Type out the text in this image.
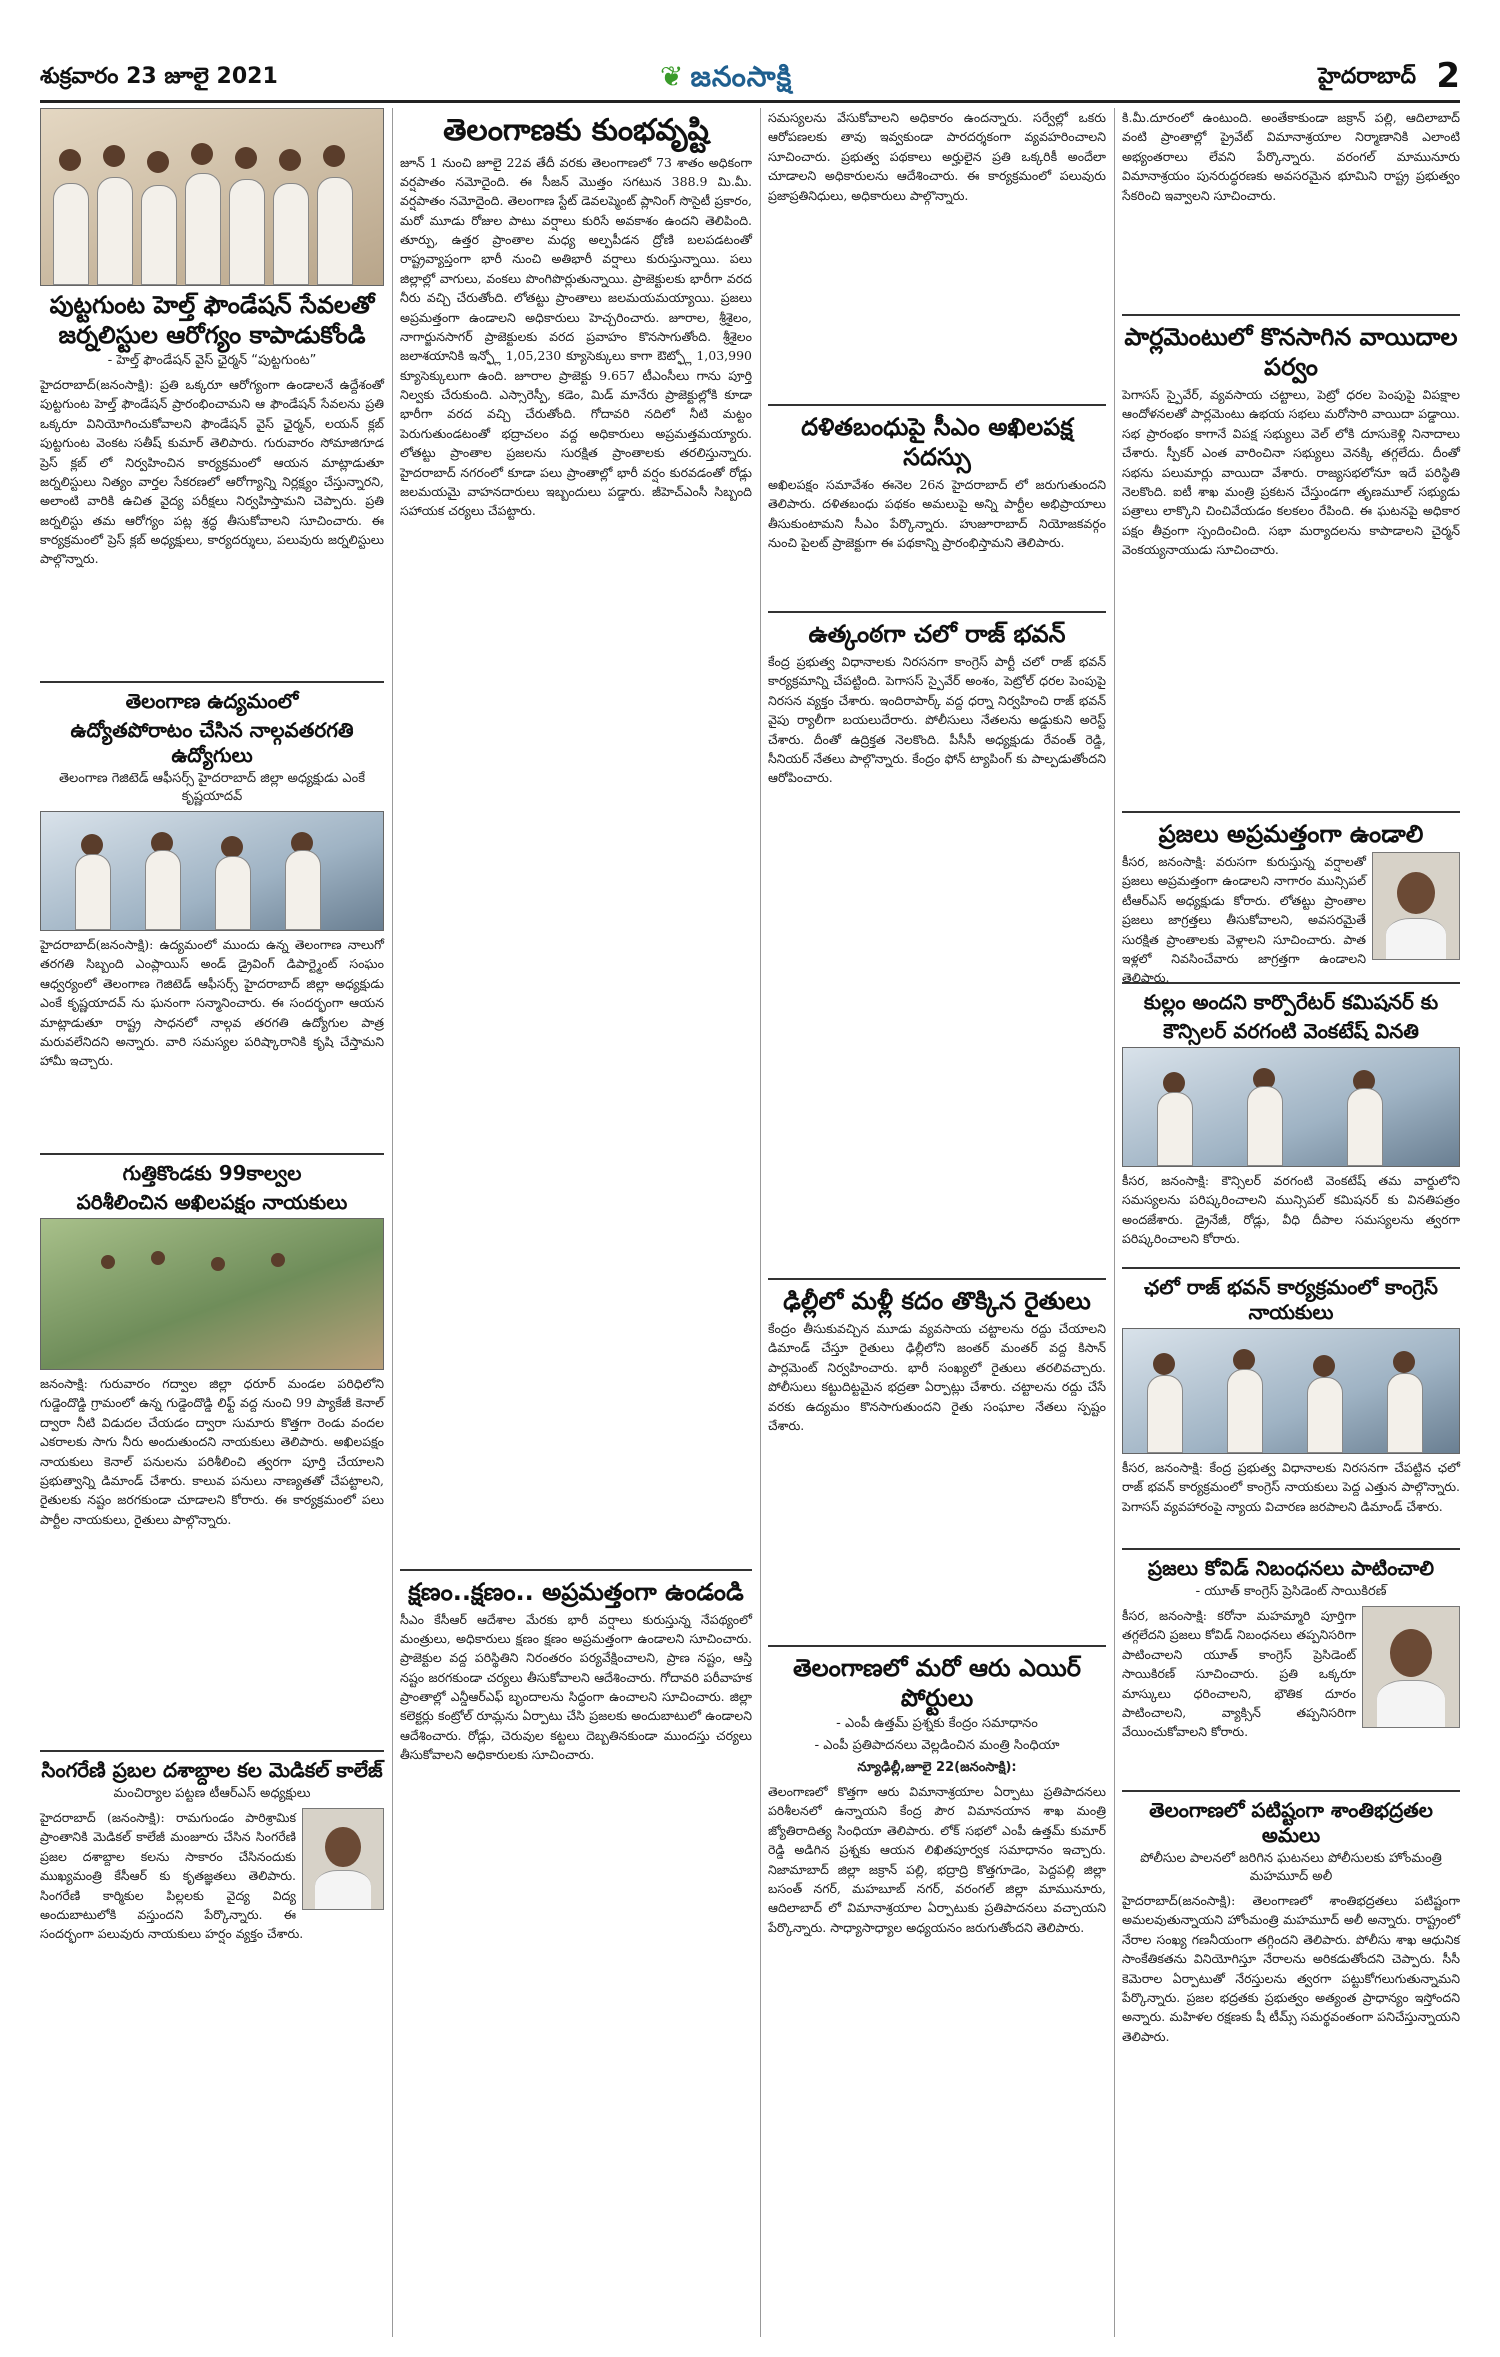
శుక్రవారం 23 జూలై 2021	❦ జనంసాక్షి	హైదరాబాద్ 2
పుట్టగుంట హెల్త్ ఫౌండేషన్ సేవలతో జర్నలిస్టుల ఆరోగ్యం కాపాడుకోండి
- హెల్త్ ఫౌండేషన్ వైస్ ఛైర్మన్ “పుట్టగుంట”

హైదరాబాద్(జనంసాక్షి): ప్రతి ఒక్కరూ ఆరోగ్యంగా ఉండాలనే ఉద్దేశంతో పుట్టగుంట హెల్త్ ఫౌండేషన్ ప్రారంభించామని ఆ ఫౌండేషన్ సేవలను ప్రతి ఒక్కరూ వినియోగించుకోవాలని ఫౌండేషన్ వైస్ ఛైర్మన్, లయన్ క్లబ్ పుట్టగుంట వెంకట సతీష్ కుమార్ తెలిపారు. గురువారం సోమాజిగూడ ప్రెస్ క్లబ్ లో నిర్వహించిన కార్యక్రమంలో ఆయన మాట్లాడుతూ జర్నలిస్టులు నిత్యం వార్తల సేకరణలో ఆరోగ్యాన్ని నిర్లక్ష్యం చేస్తున్నారని, అలాంటి వారికి ఉచిత వైద్య పరీక్షలు నిర్వహిస్తామని చెప్పారు. ప్రతి జర్నలిస్టు తమ ఆరోగ్యం పట్ల శ్రద్ధ తీసుకోవాలని సూచించారు. ఈ కార్యక్రమంలో ప్రెస్ క్లబ్ అధ్యక్షులు, కార్యదర్శులు, పలువురు జర్నలిస్టులు పాల్గొన్నారు.

తెలంగాణ ఉద్యమంలో
ఉద్యోతపోరాటం చేసిన నాల్గవతరగతి ఉద్యోగులు
తెలంగాణ గెజిటెడ్ ఆఫీసర్స్ హైదరాబాద్ జిల్లా అధ్యక్షుడు ఎంకే కృష్ణయాదవ్

హైదరాబాద్(జనంసాక్షి): ఉద్యమంలో ముందు ఉన్న తెలంగాణ నాలుగో తరగతి సిబ్బంది ఎంప్లాయిస్ అండ్ డ్రైవింగ్ డిపార్ట్మెంట్ సంఘం ఆధ్వర్యంలో తెలంగాణ గెజిటెడ్ ఆఫీసర్స్ హైదరాబాద్ జిల్లా అధ్యక్షుడు ఎంకే కృష్ణయాదవ్ ను ఘనంగా సన్మానించారు. ఈ సందర్భంగా ఆయన మాట్లాడుతూ రాష్ట్ర సాధనలో నాల్గవ తరగతి ఉద్యోగుల పాత్ర మరువలేనిదని అన్నారు. వారి సమస్యల పరిష్కారానికి కృషి చేస్తామని హామీ ఇచ్చారు.

గుత్తికొండకు 99కాల్వల
పరిశీలించిన అఖిలపక్షం నాయకులు

జనంసాక్షి: గురువారం గద్వాల జిల్లా ధరూర్ మండల పరిధిలోని గుడ్డెందొడ్డి గ్రామంలో ఉన్న గుడ్డెందొడ్డి లిఫ్ట్ వద్ద నుంచి 99 ప్యాకేజీ కెనాల్ ద్వారా నీటి విడుదల చేయడం ద్వారా సుమారు కొత్తగా రెండు వందల ఎకరాలకు సాగు నీరు అందుతుందని నాయకులు తెలిపారు. అఖిలపక్షం నాయకులు కెనాల్ పనులను పరిశీలించి త్వరగా పూర్తి చేయాలని ప్రభుత్వాన్ని డిమాండ్ చేశారు. కాలువ పనులు నాణ్యతతో చేపట్టాలని, రైతులకు నష్టం జరగకుండా చూడాలని కోరారు. ఈ కార్యక్రమంలో పలు పార్టీల నాయకులు, రైతులు పాల్గొన్నారు.

సింగరేణి ప్రబల దశాబ్దాల కల మెడికల్ కాలేజ్
మంచిర్యాల పట్టణ టీఆర్ఎస్ అధ్యక్షులు

హైదరాబాద్ (జనంసాక్షి): రామగుండం పారిశ్రామిక ప్రాంతానికి మెడికల్ కాలేజీ మంజూరు చేసిన సింగరేణి ప్రజల దశాబ్దాల కలను సాకారం చేసినందుకు ముఖ్యమంత్రి కేసీఆర్ కు కృతజ్ఞతలు తెలిపారు. సింగరేణి కార్మికుల పిల్లలకు వైద్య విద్య అందుబాటులోకి వస్తుందని పేర్కొన్నారు. ఈ సందర్భంగా పలువురు నాయకులు హర్షం వ్యక్తం చేశారు.

తెలంగాణకు కుంభవృష్టి

జూన్ 1 నుంచి జూలై 22వ తేదీ వరకు తెలంగాణలో 73 శాతం అధికంగా వర్షపాతం నమోదైంది. ఈ సీజన్ మొత్తం సగటున 388.9 మి.మీ. వర్షపాతం నమోదైంది. తెలంగాణ స్టేట్ డెవలప్మెంట్ ప్లానింగ్ సొసైటీ ప్రకారం, మరో మూడు రోజుల పాటు వర్షాలు కురిసే అవకాశం ఉందని తెలిపింది. తూర్పు, ఉత్తర ప్రాంతాల మధ్య అల్పపీడన ద్రోణి బలపడటంతో రాష్ట్రవ్యాప్తంగా భారీ నుంచి అతిభారీ వర్షాలు కురుస్తున్నాయి. పలు జిల్లాల్లో వాగులు, వంకలు పొంగిపొర్లుతున్నాయి. ప్రాజెక్టులకు భారీగా వరద నీరు వచ్చి చేరుతోంది. లోతట్టు ప్రాంతాలు జలమయమయ్యాయి. ప్రజలు అప్రమత్తంగా ఉండాలని అధికారులు హెచ్చరించారు. జూరాల, శ్రీశైలం, నాగార్జునసాగర్ ప్రాజెక్టులకు వరద ప్రవాహం కొనసాగుతోంది. శ్రీశైలం జలాశయానికి ఇన్ఫ్లో 1,05,230 క్యూసెక్కులు కాగా ఔట్ఫ్లో 1,03,990 క్యూసెక్కులుగా ఉంది. జూరాల ప్రాజెక్టు 9.657 టీఎంసీలు గాను పూర్తి నిల్వకు చేరుకుంది. ఎస్సారెస్పీ, కడెం, మిడ్ మానేరు ప్రాజెక్టుల్లోకి కూడా భారీగా వరద వచ్చి చేరుతోంది. గోదావరి నదిలో నీటి మట్టం పెరుగుతుండటంతో భద్రాచలం వద్ద అధికారులు అప్రమత్తమయ్యారు. లోతట్టు ప్రాంతాల ప్రజలను సురక్షిత ప్రాంతాలకు తరలిస్తున్నారు. హైదరాబాద్ నగరంలో కూడా పలు ప్రాంతాల్లో భారీ వర్షం కురవడంతో రోడ్లు జలమయమై వాహనదారులు ఇబ్బందులు పడ్డారు. జీహెచ్ఎంసీ సిబ్బంది సహాయక చర్యలు చేపట్టారు.

క్షణం..క్షణం.. అప్రమత్తంగా ఉండండి

సీఎం కేసీఆర్ ఆదేశాల మేరకు భారీ వర్షాలు కురుస్తున్న నేపథ్యంలో మంత్రులు, అధికారులు క్షణం క్షణం అప్రమత్తంగా ఉండాలని సూచించారు. ప్రాజెక్టుల వద్ద పరిస్థితిని నిరంతరం పర్యవేక్షించాలని, ప్రాణ నష్టం, ఆస్తి నష్టం జరగకుండా చర్యలు తీసుకోవాలని ఆదేశించారు. గోదావరి పరీవాహక ప్రాంతాల్లో ఎన్డీఆర్ఎఫ్ బృందాలను సిద్ధంగా ఉంచాలని సూచించారు. జిల్లా కలెక్టర్లు కంట్రోల్ రూమ్లను ఏర్పాటు చేసి ప్రజలకు అందుబాటులో ఉండాలని ఆదేశించారు. రోడ్లు, చెరువుల కట్టలు దెబ్బతినకుండా ముందస్తు చర్యలు తీసుకోవాలని అధికారులకు సూచించారు.

సమస్యలను వేసుకోవాలని అధికారం ఉందన్నారు. సర్వేల్లో ఒకరు ఆరోపణలకు తావు ఇవ్వకుండా పారదర్శకంగా వ్యవహరించాలని సూచించారు. ప్రభుత్వ పథకాలు అర్హులైన ప్రతి ఒక్కరికీ అందేలా చూడాలని అధికారులను ఆదేశించారు. ఈ కార్యక్రమంలో పలువురు ప్రజాప్రతినిధులు, అధికారులు పాల్గొన్నారు.

దళితబంధుపై సీఎం అఖిలపక్ష సదస్సు

అఖిలపక్షం సమావేశం ఈనెల 26న హైదరాబాద్ లో జరుగుతుందని తెలిపారు. దళితబంధు పథకం అమలుపై అన్ని పార్టీల అభిప్రాయాలు తీసుకుంటామని సీఎం పేర్కొన్నారు. హుజూరాబాద్ నియోజకవర్గం నుంచి పైలట్ ప్రాజెక్టుగా ఈ పథకాన్ని ప్రారంభిస్తామని తెలిపారు.

ఉత్కంఠగా చలో రాజ్ భవన్

కేంద్ర ప్రభుత్వ విధానాలకు నిరసనగా కాంగ్రెస్ పార్టీ చలో రాజ్ భవన్ కార్యక్రమాన్ని చేపట్టింది. పెగాసస్ స్పైవేర్ అంశం, పెట్రోల్ ధరల పెంపుపై నిరసన వ్యక్తం చేశారు. ఇందిరాపార్క్ వద్ద ధర్నా నిర్వహించి రాజ్ భవన్ వైపు ర్యాలీగా బయలుదేరారు. పోలీసులు నేతలను అడ్డుకుని అరెస్ట్ చేశారు. దీంతో ఉద్రిక్తత నెలకొంది. పీసీసీ అధ్యక్షుడు రేవంత్ రెడ్డి, సీనియర్ నేతలు పాల్గొన్నారు. కేంద్రం ఫోన్ ట్యాపింగ్ కు పాల్పడుతోందని ఆరోపించారు.

ఢిల్లీలో మళ్లీ కదం తొక్కిన రైతులు

కేంద్రం తీసుకువచ్చిన మూడు వ్యవసాయ చట్టాలను రద్దు చేయాలని డిమాండ్ చేస్తూ రైతులు ఢిల్లీలోని జంతర్ మంతర్ వద్ద కిసాన్ పార్లమెంట్ నిర్వహించారు. భారీ సంఖ్యలో రైతులు తరలివచ్చారు. పోలీసులు కట్టుదిట్టమైన భద్రతా ఏర్పాట్లు చేశారు. చట్టాలను రద్దు చేసే వరకు ఉద్యమం కొనసాగుతుందని రైతు సంఘాల నేతలు స్పష్టం చేశారు.

తెలంగాణలో మరో ఆరు ఎయిర్ పోర్టులు
- ఎంపీ ఉత్తమ్ ప్రశ్నకు కేంద్రం సమాధానం
- ఎంపీ ప్రతిపాదనలు వెల్లడించిన మంత్రి సింధియా
న్యూఢిల్లీ,జూలై 22(జనంసాక్షి):

తెలంగాణలో కొత్తగా ఆరు విమానాశ్రయాల ఏర్పాటు ప్రతిపాదనలు పరిశీలనలో ఉన్నాయని కేంద్ర పౌర విమానయాన శాఖ మంత్రి జ్యోతిరాదిత్య సింధియా తెలిపారు. లోక్ సభలో ఎంపీ ఉత్తమ్ కుమార్ రెడ్డి అడిగిన ప్రశ్నకు ఆయన లిఖితపూర్వక సమాధానం ఇచ్చారు. నిజామాబాద్ జిల్లా జక్రాన్ పల్లి, భద్రాద్రి కొత్తగూడెం, పెద్దపల్లి జిల్లా బసంత్ నగర్, మహబూబ్ నగర్, వరంగల్ జిల్లా మామునూరు, ఆదిలాబాద్ లో విమానాశ్రయాల ఏర్పాటుకు ప్రతిపాదనలు వచ్చాయని పేర్కొన్నారు. సాధ్యాసాధ్యాల అధ్యయనం జరుగుతోందని తెలిపారు.

కి.మీ.దూరంలో ఉంటుంది. అంతేకాకుండా జక్రాన్ పల్లి, ఆదిలాబాద్ వంటి ప్రాంతాల్లో ప్రైవేట్ విమానాశ్రయాల నిర్మాణానికి ఎలాంటి అభ్యంతరాలు లేవని పేర్కొన్నారు. వరంగల్ మామునూరు విమానాశ్రయం పునరుద్ధరణకు అవసరమైన భూమిని రాష్ట్ర ప్రభుత్వం సేకరించి ఇవ్వాలని సూచించారు.

పార్లమెంటులో కొనసాగిన వాయిదాల పర్వం

పెగాసస్ స్పైవేర్, వ్యవసాయ చట్టాలు, పెట్రో ధరల పెంపుపై విపక్షాల ఆందోళనలతో పార్లమెంటు ఉభయ సభలు మరోసారి వాయిదా పడ్డాయి. సభ ప్రారంభం కాగానే విపక్ష సభ్యులు వెల్ లోకి దూసుకెళ్లి నినాదాలు చేశారు. స్పీకర్ ఎంత వారించినా సభ్యులు వెనక్కి తగ్గలేదు. దీంతో సభను పలుమార్లు వాయిదా వేశారు. రాజ్యసభలోనూ ఇదే పరిస్థితి నెలకొంది. ఐటీ శాఖ మంత్రి ప్రకటన చేస్తుండగా తృణమూల్ సభ్యుడు పత్రాలు లాక్కొని చించివేయడం కలకలం రేపింది. ఈ ఘటనపై అధికార పక్షం తీవ్రంగా స్పందించింది. సభా మర్యాదలను కాపాడాలని చైర్మన్ వెంకయ్యనాయుడు సూచించారు.

ప్రజలు అప్రమత్తంగా ఉండాలి

కీసర, జనంసాక్షి: వరుసగా కురుస్తున్న వర్షాలతో ప్రజలు అప్రమత్తంగా ఉండాలని నాగారం మున్సిపల్ టీఆర్ఎస్ అధ్యక్షుడు కోరారు. లోతట్టు ప్రాంతాల ప్రజలు జాగ్రత్తలు తీసుకోవాలని, అవసరమైతే సురక్షిత ప్రాంతాలకు వెళ్లాలని సూచించారు. పాత ఇళ్లలో నివసించేవారు జాగ్రత్తగా ఉండాలని తెలిపారు.

కుల్లం అందని కార్పొరేటర్ కమిషనర్ కు
కౌన్సిలర్ వరగంటి వెంకటేష్ వినతి

కీసర, జనంసాక్షి: కౌన్సిలర్ వరగంటి వెంకటేష్ తమ వార్డులోని సమస్యలను పరిష్కరించాలని మున్సిపల్ కమిషనర్ కు వినతిపత్రం అందజేశారు. డ్రైనేజీ, రోడ్లు, వీధి దీపాల సమస్యలను త్వరగా పరిష్కరించాలని కోరారు.

ఛలో రాజ్ భవన్ కార్యక్రమంలో కాంగ్రెస్ నాయకులు

కీసర, జనంసాక్షి: కేంద్ర ప్రభుత్వ విధానాలకు నిరసనగా చేపట్టిన ఛలో రాజ్ భవన్ కార్యక్రమంలో కాంగ్రెస్ నాయకులు పెద్ద ఎత్తున పాల్గొన్నారు. పెగాసస్ వ్యవహారంపై న్యాయ విచారణ జరపాలని డిమాండ్ చేశారు.

ప్రజలు కోవిడ్ నిబంధనలు పాటించాలి
- యూత్ కాంగ్రెస్ ప్రెసిడెంట్ సాయికిరణ్

కీసర, జనంసాక్షి: కరోనా మహమ్మారి పూర్తిగా తగ్గలేదని ప్రజలు కోవిడ్ నిబంధనలు తప్పనిసరిగా పాటించాలని యూత్ కాంగ్రెస్ ప్రెసిడెంట్ సాయికిరణ్ సూచించారు. ప్రతి ఒక్కరూ మాస్కులు ధరించాలని, భౌతిక దూరం పాటించాలని, వ్యాక్సిన్ తప్పనిసరిగా వేయించుకోవాలని కోరారు.

తెలంగాణలో పటిష్టంగా శాంతిభద్రతల అమలు
పోలీసుల పాలనలో జరిగిన ఘటనలు పోలీసులకు హోంమంత్రి మహమూద్ అలీ

హైదరాబాద్(జనంసాక్షి): తెలంగాణలో శాంతిభద్రతలు పటిష్టంగా అమలవుతున్నాయని హోంమంత్రి మహమూద్ అలీ అన్నారు. రాష్ట్రంలో నేరాల సంఖ్య గణనీయంగా తగ్గిందని తెలిపారు. పోలీసు శాఖ ఆధునిక సాంకేతికతను వినియోగిస్తూ నేరాలను అరికడుతోందని చెప్పారు. సీసీ కెమెరాల ఏర్పాటుతో నేరస్తులను త్వరగా పట్టుకోగలుగుతున్నామని పేర్కొన్నారు. ప్రజల భద్రతకు ప్రభుత్వం అత్యంత ప్రాధాన్యం ఇస్తోందని అన్నారు. మహిళల రక్షణకు షీ టీమ్స్ సమర్థవంతంగా పనిచేస్తున్నాయని తెలిపారు.
